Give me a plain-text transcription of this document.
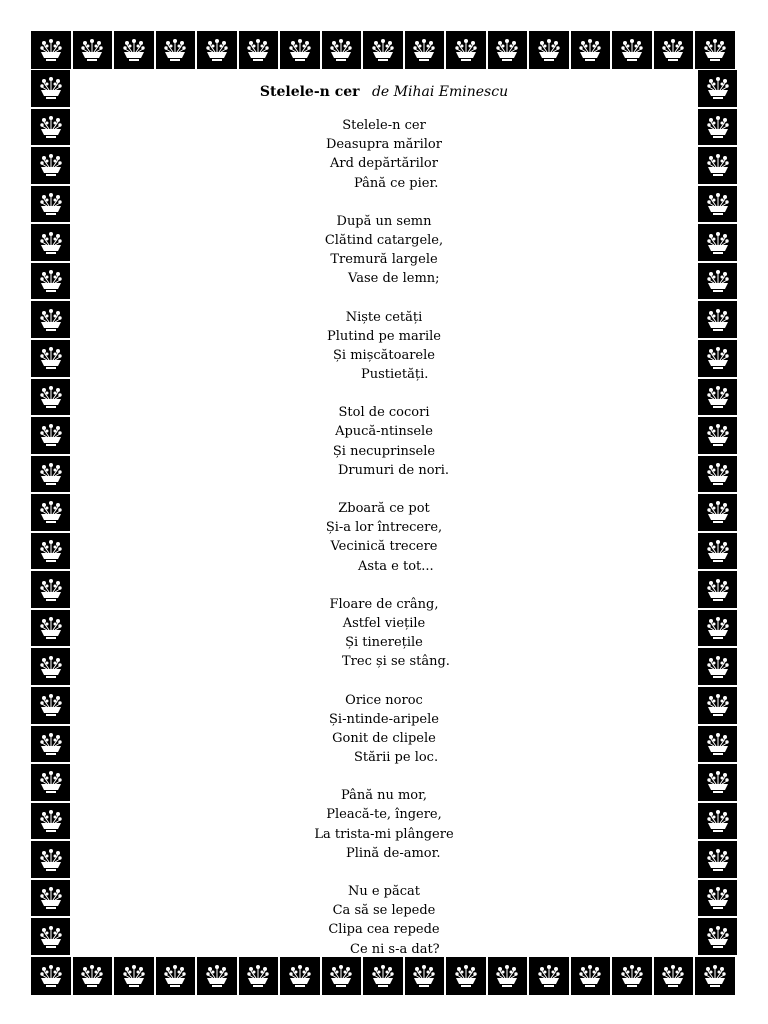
Stelele-n cer de Mihai Eminescu
Stelele-n cer
Deasupra mărilor
Ard depărtărilor
Până ce pier.
După un semn
Clătind catargele,
Tremură largele
Vase de lemn;
Niște cetăți
Plutind pe marile
Și mișcătoarele
Pustietăți.
Stol de cocori
Apucă-ntinsele
Și necuprinsele
Drumuri de nori.
Zboară ce pot
Și-a lor întrecere,
Vecinică trecere
Asta e tot...
Floare de crâng,
Astfel viețile
Și tinerețile
Trec și se stâng.
Orice noroc
Și-ntinde-aripele
Gonit de clipele
Stării pe loc.
Până nu mor,
Pleacă-te, îngere,
La trista-mi plângere
Plină de-amor.
Nu e păcat
Ca să se lepede
Clipa cea repede
Ce ni s-a dat?
